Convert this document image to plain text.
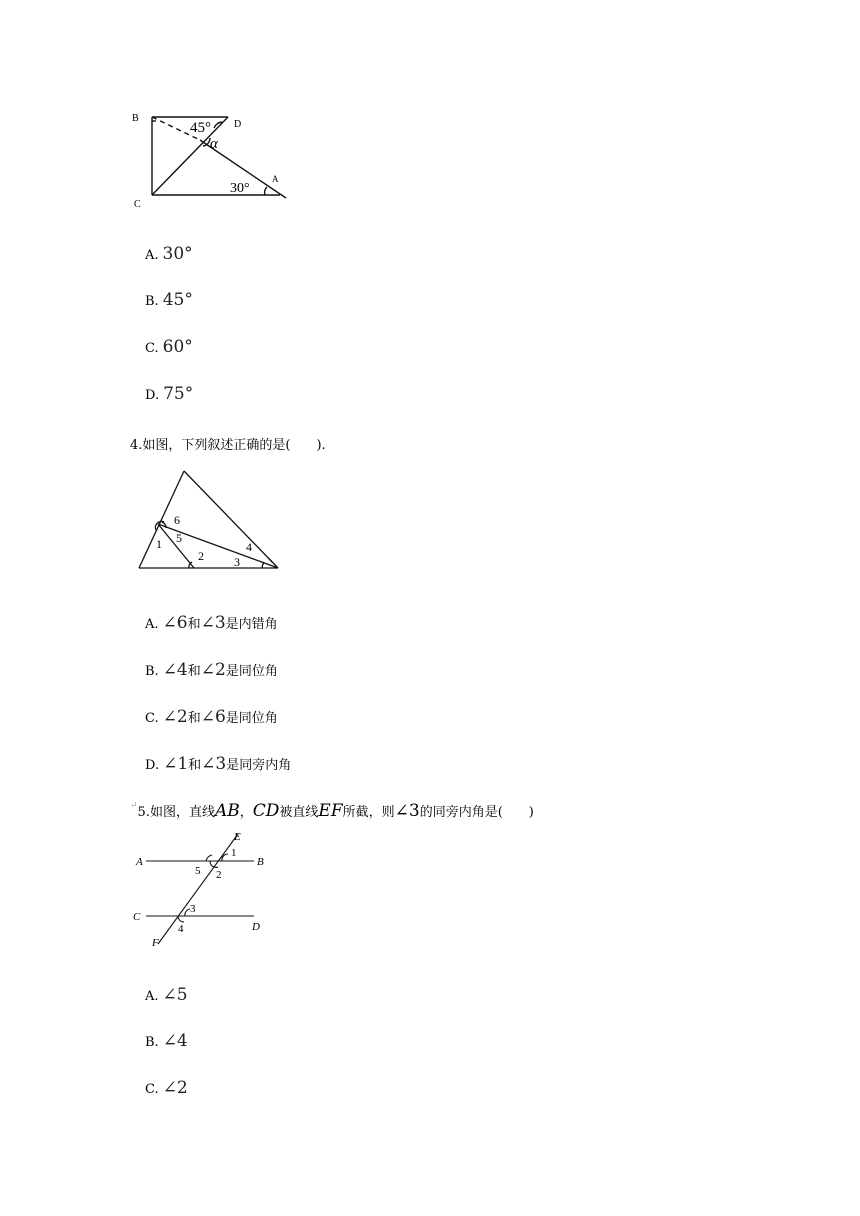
B
D
C
A
45°
α
30°
A. 30°
B. 45°
C. 60°
D. 75°
4.如图，下列叙述正确的是(　　).
6
1 5
2	3
4
A. ∠6和∠3是内错角
B. ∠4和∠2是同位角
C. ∠2和∠6是同位角
D. ∠1和∠3是同旁内角
↵5.如图，直线AB，CD被直线EF所截，则∠3的同旁内角是(　　)
E
1
A	B
5 2
C
3
4	D
F
A. ∠5
B. ∠4
C. ∠2
